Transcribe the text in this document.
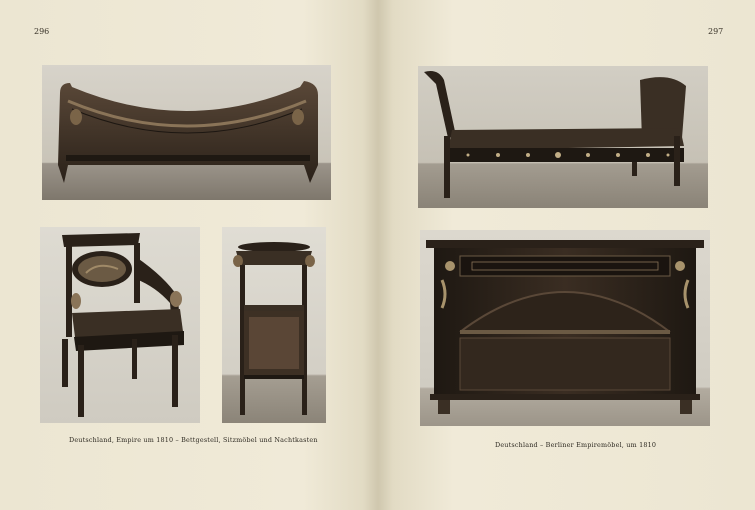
296
Deutschland, Empire um 1810 – Bettgestell, Sitzmöbel und Nachtkasten
297
Deutschland – Berliner Empiremöbel, um 1810
